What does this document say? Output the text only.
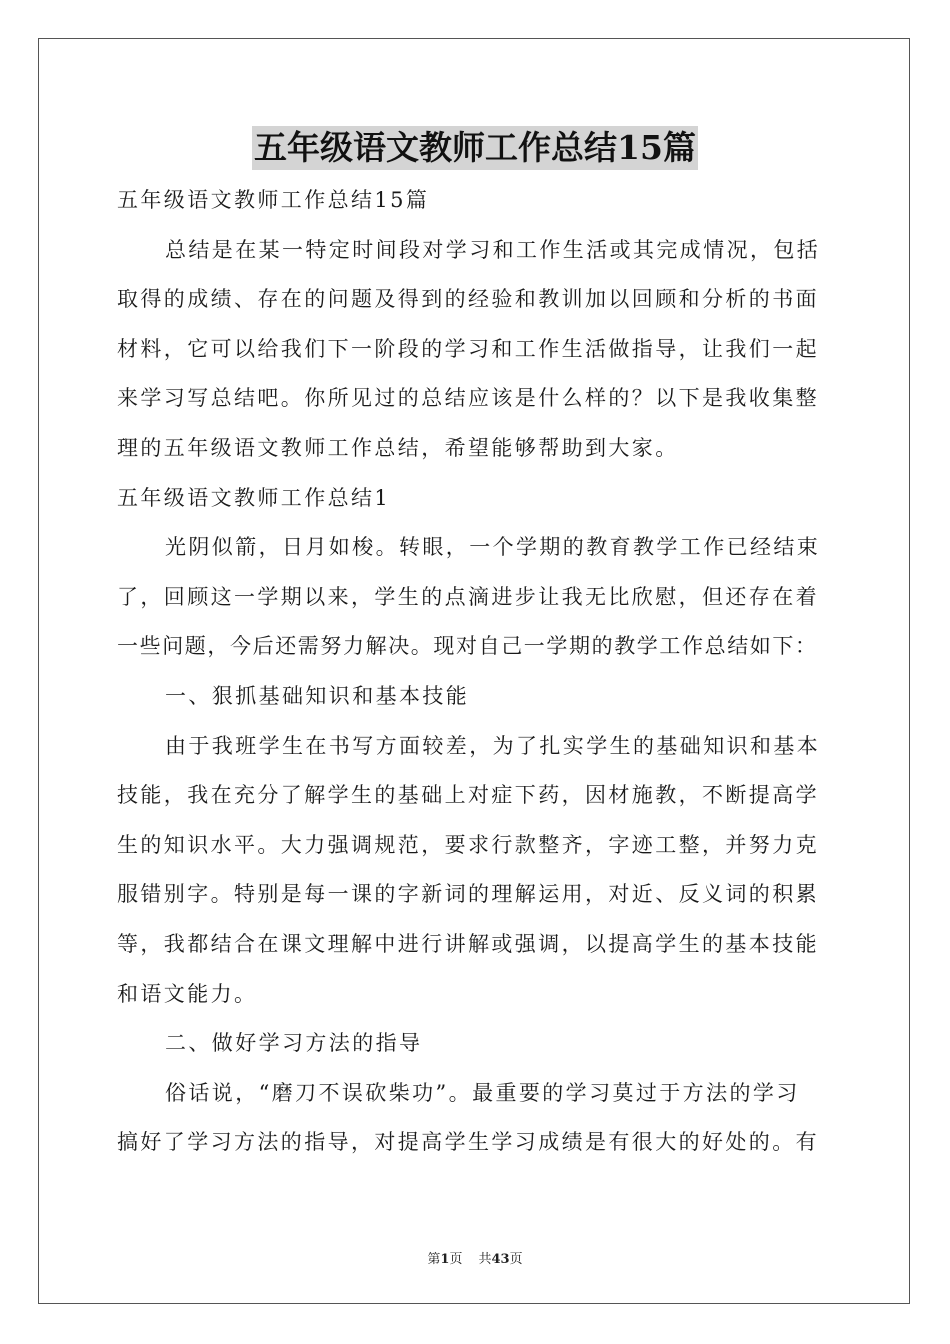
五年级语文教师工作总结15篇

五年级语文教师工作总结15篇

总结是在某一特定时间段对学习和工作生活或其完成情况，包括
取得的成绩、存在的问题及得到的经验和教训加以回顾和分析的书面
材料，它可以给我们下一阶段的学习和工作生活做指导，让我们一起
来学习写总结吧。你所见过的总结应该是什么样的？以下是我收集整
理的五年级语文教师工作总结，希望能够帮助到大家。

五年级语文教师工作总结1

光阴似箭，日月如梭。转眼，一个学期的教育教学工作已经结束
了，回顾这一学期以来，学生的点滴进步让我无比欣慰，但还存在着
一些问题，今后还需努力解决。现对自己一学期的教学工作总结如下：

一、狠抓基础知识和基本技能

由于我班学生在书写方面较差，为了扎实学生的基础知识和基本
技能，我在充分了解学生的基础上对症下药，因材施教，不断提高学
生的知识水平。大力强调规范，要求行款整齐，字迹工整，并努力克
服错别字。特别是每一课的字新词的理解运用，对近、反义词的积累
等，我都结合在课文理解中进行讲解或强调，以提高学生的基本技能
和语文能力。

二、做好学习方法的指导

俗话说，“磨刀不误砍柴功”。最重要的学习莫过于方法的学习
搞好了学习方法的指导，对提高学生学习成绩是有很大的好处的。有

第1页 共43页
